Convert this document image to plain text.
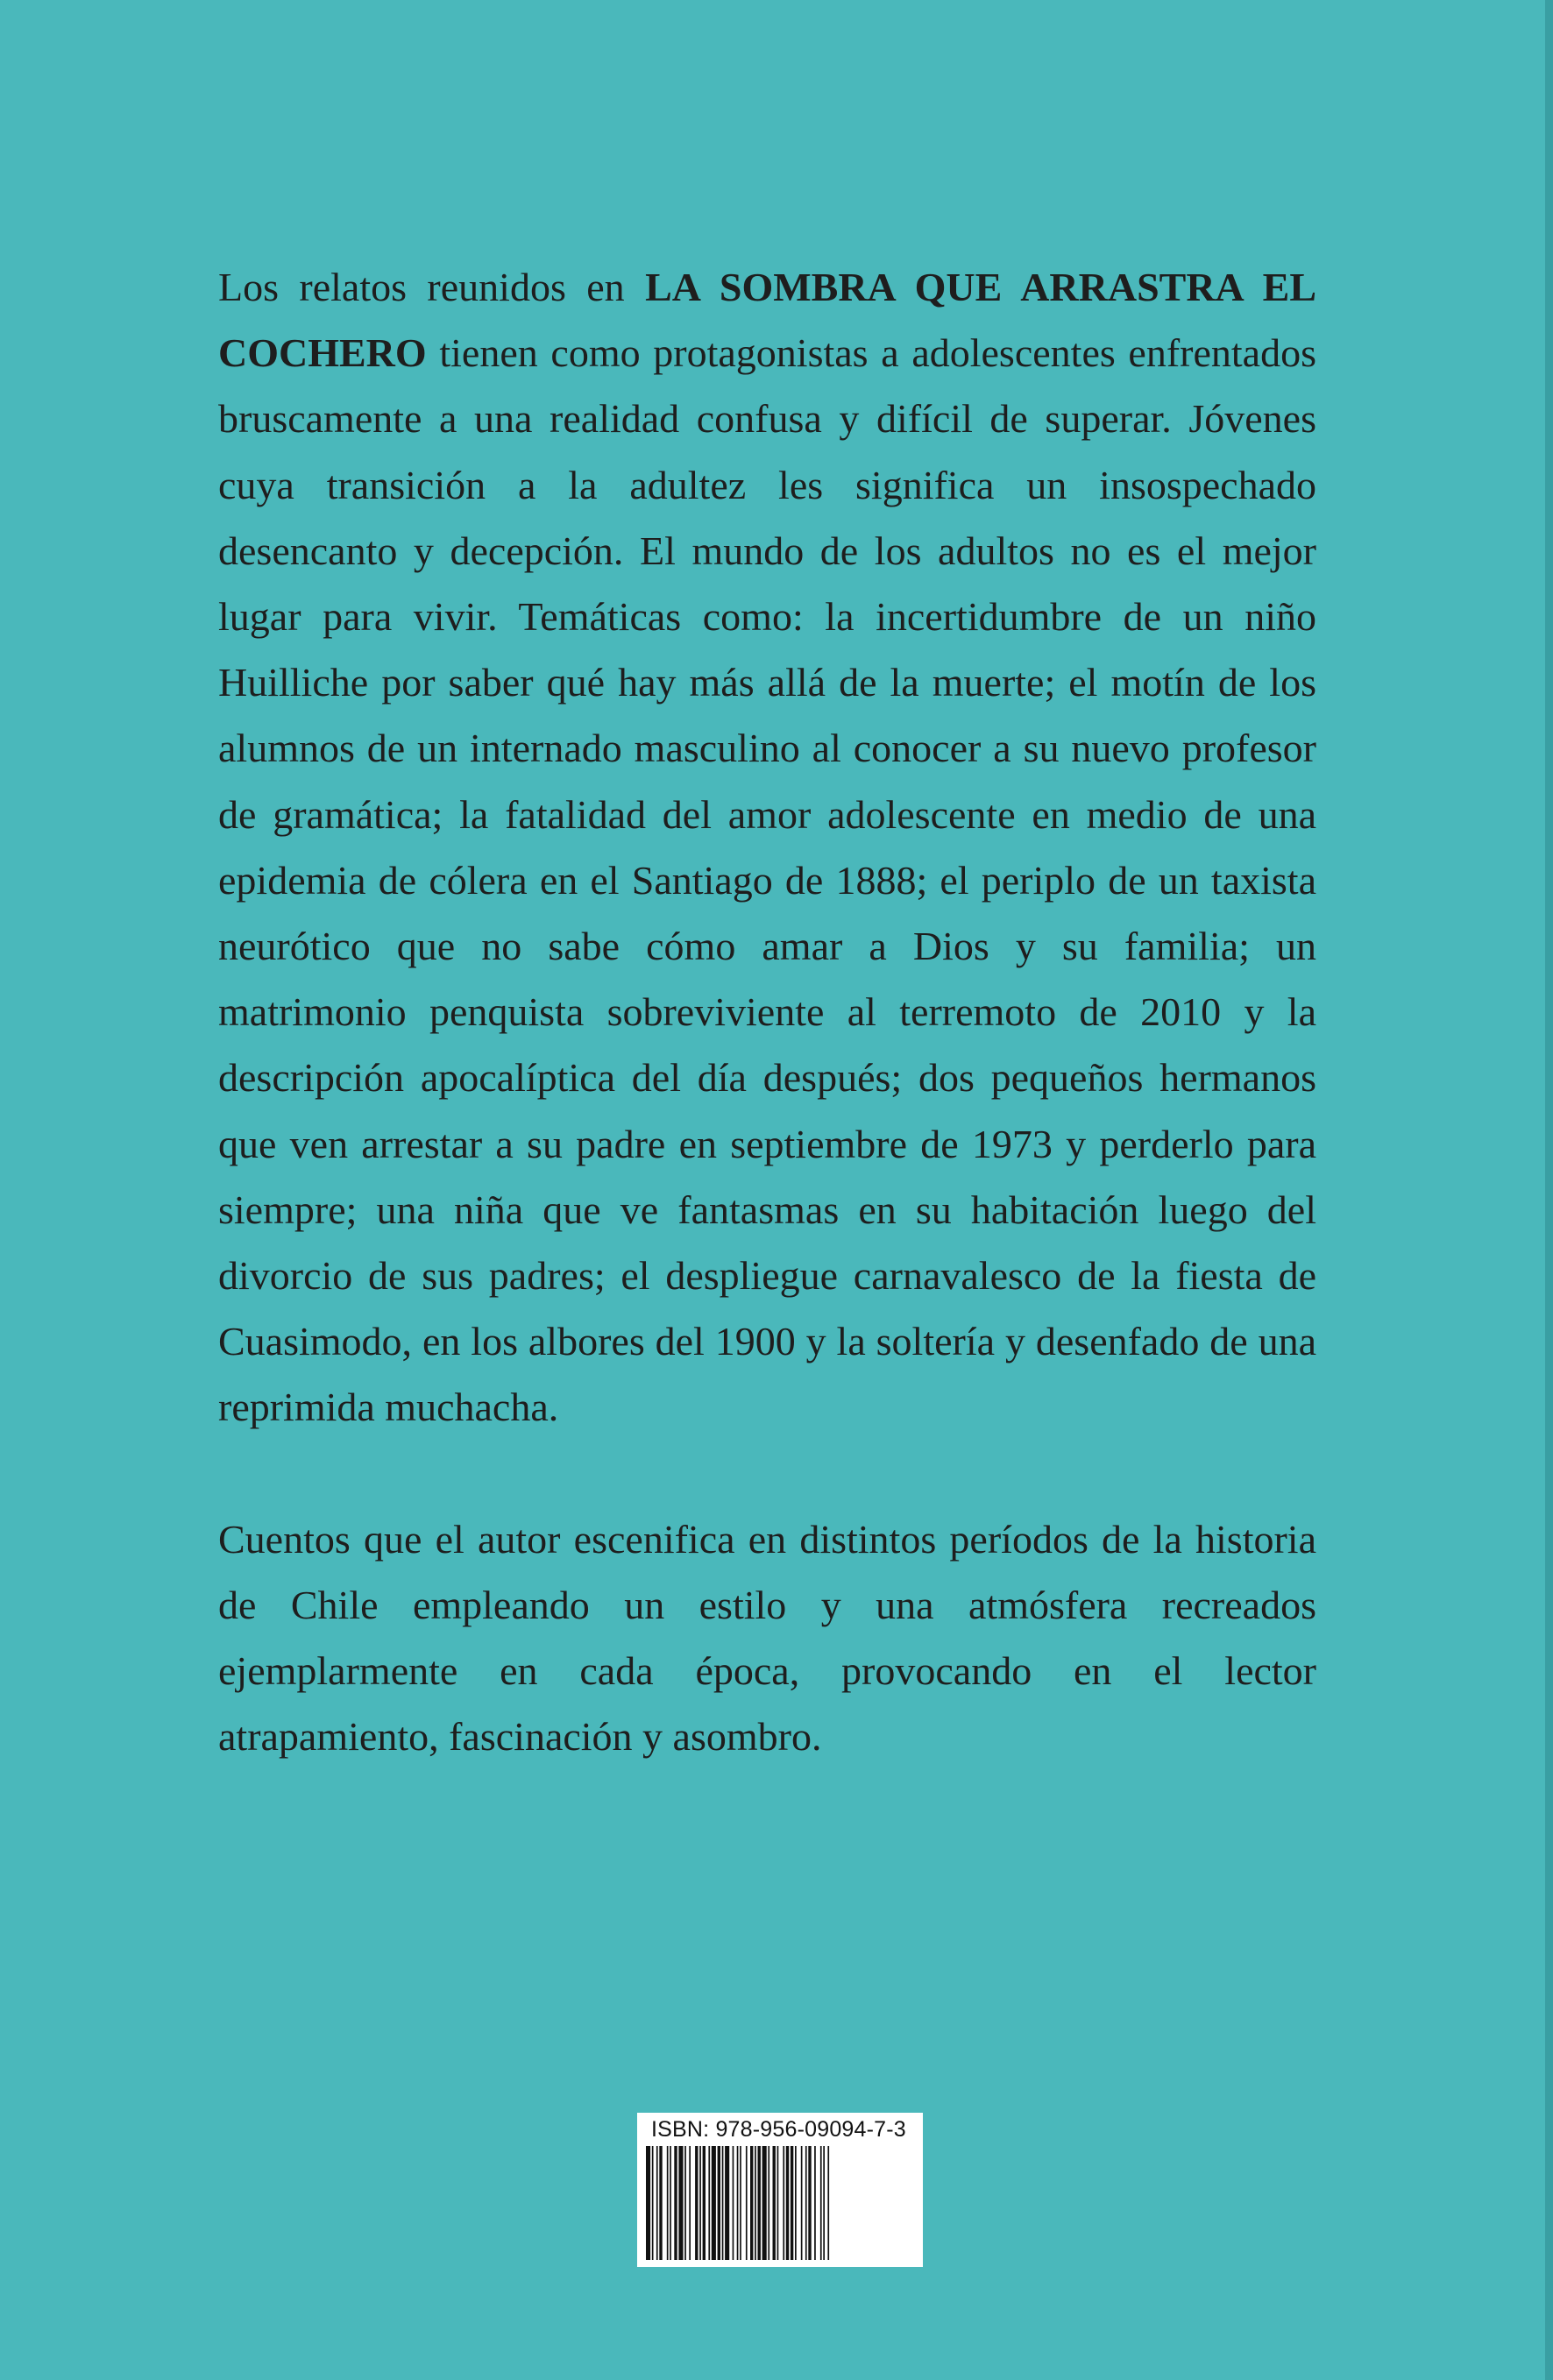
Los relatos reunidos en LA SOMBRA QUE ARRASTRA EL COCHERO tienen como protagonistas a adolescentes enfrentados bruscamente a una realidad confusa y difícil de superar. Jóvenes cuya transición a la adultez les significa un insospechado desencanto y decepción. El mundo de los adultos no es el mejor lugar para vivir. Temáticas como: la incertidumbre de un niño Huilliche por saber qué hay más allá de la muerte; el motín de los alumnos de un internado masculino al conocer a su nuevo profesor de gramática; la fatalidad del amor adolescente en medio de una epidemia de cólera en el Santiago de 1888; el periplo de un taxista neurótico que no sabe cómo amar a Dios y su familia; un matrimonio penquista sobreviviente al terremoto de 2010 y la descripción apocalíptica del día después; dos pequeños hermanos que ven arrestar a su padre en septiembre de 1973 y perderlo para siempre; una niña que ve fantasmas en su habitación luego del divorcio de sus padres; el despliegue carnavalesco de la fiesta de Cuasimodo, en los albores del 1900 y la soltería y desenfado de una reprimida muchacha.

Cuentos que el autor escenifica en distintos períodos de la historia de Chile empleando un estilo y una atmósfera recreados ejemplarmente en cada época, provocando en el lector atrapamiento, fascinación y asombro.

ISBN: 978-956-09094-7-3
